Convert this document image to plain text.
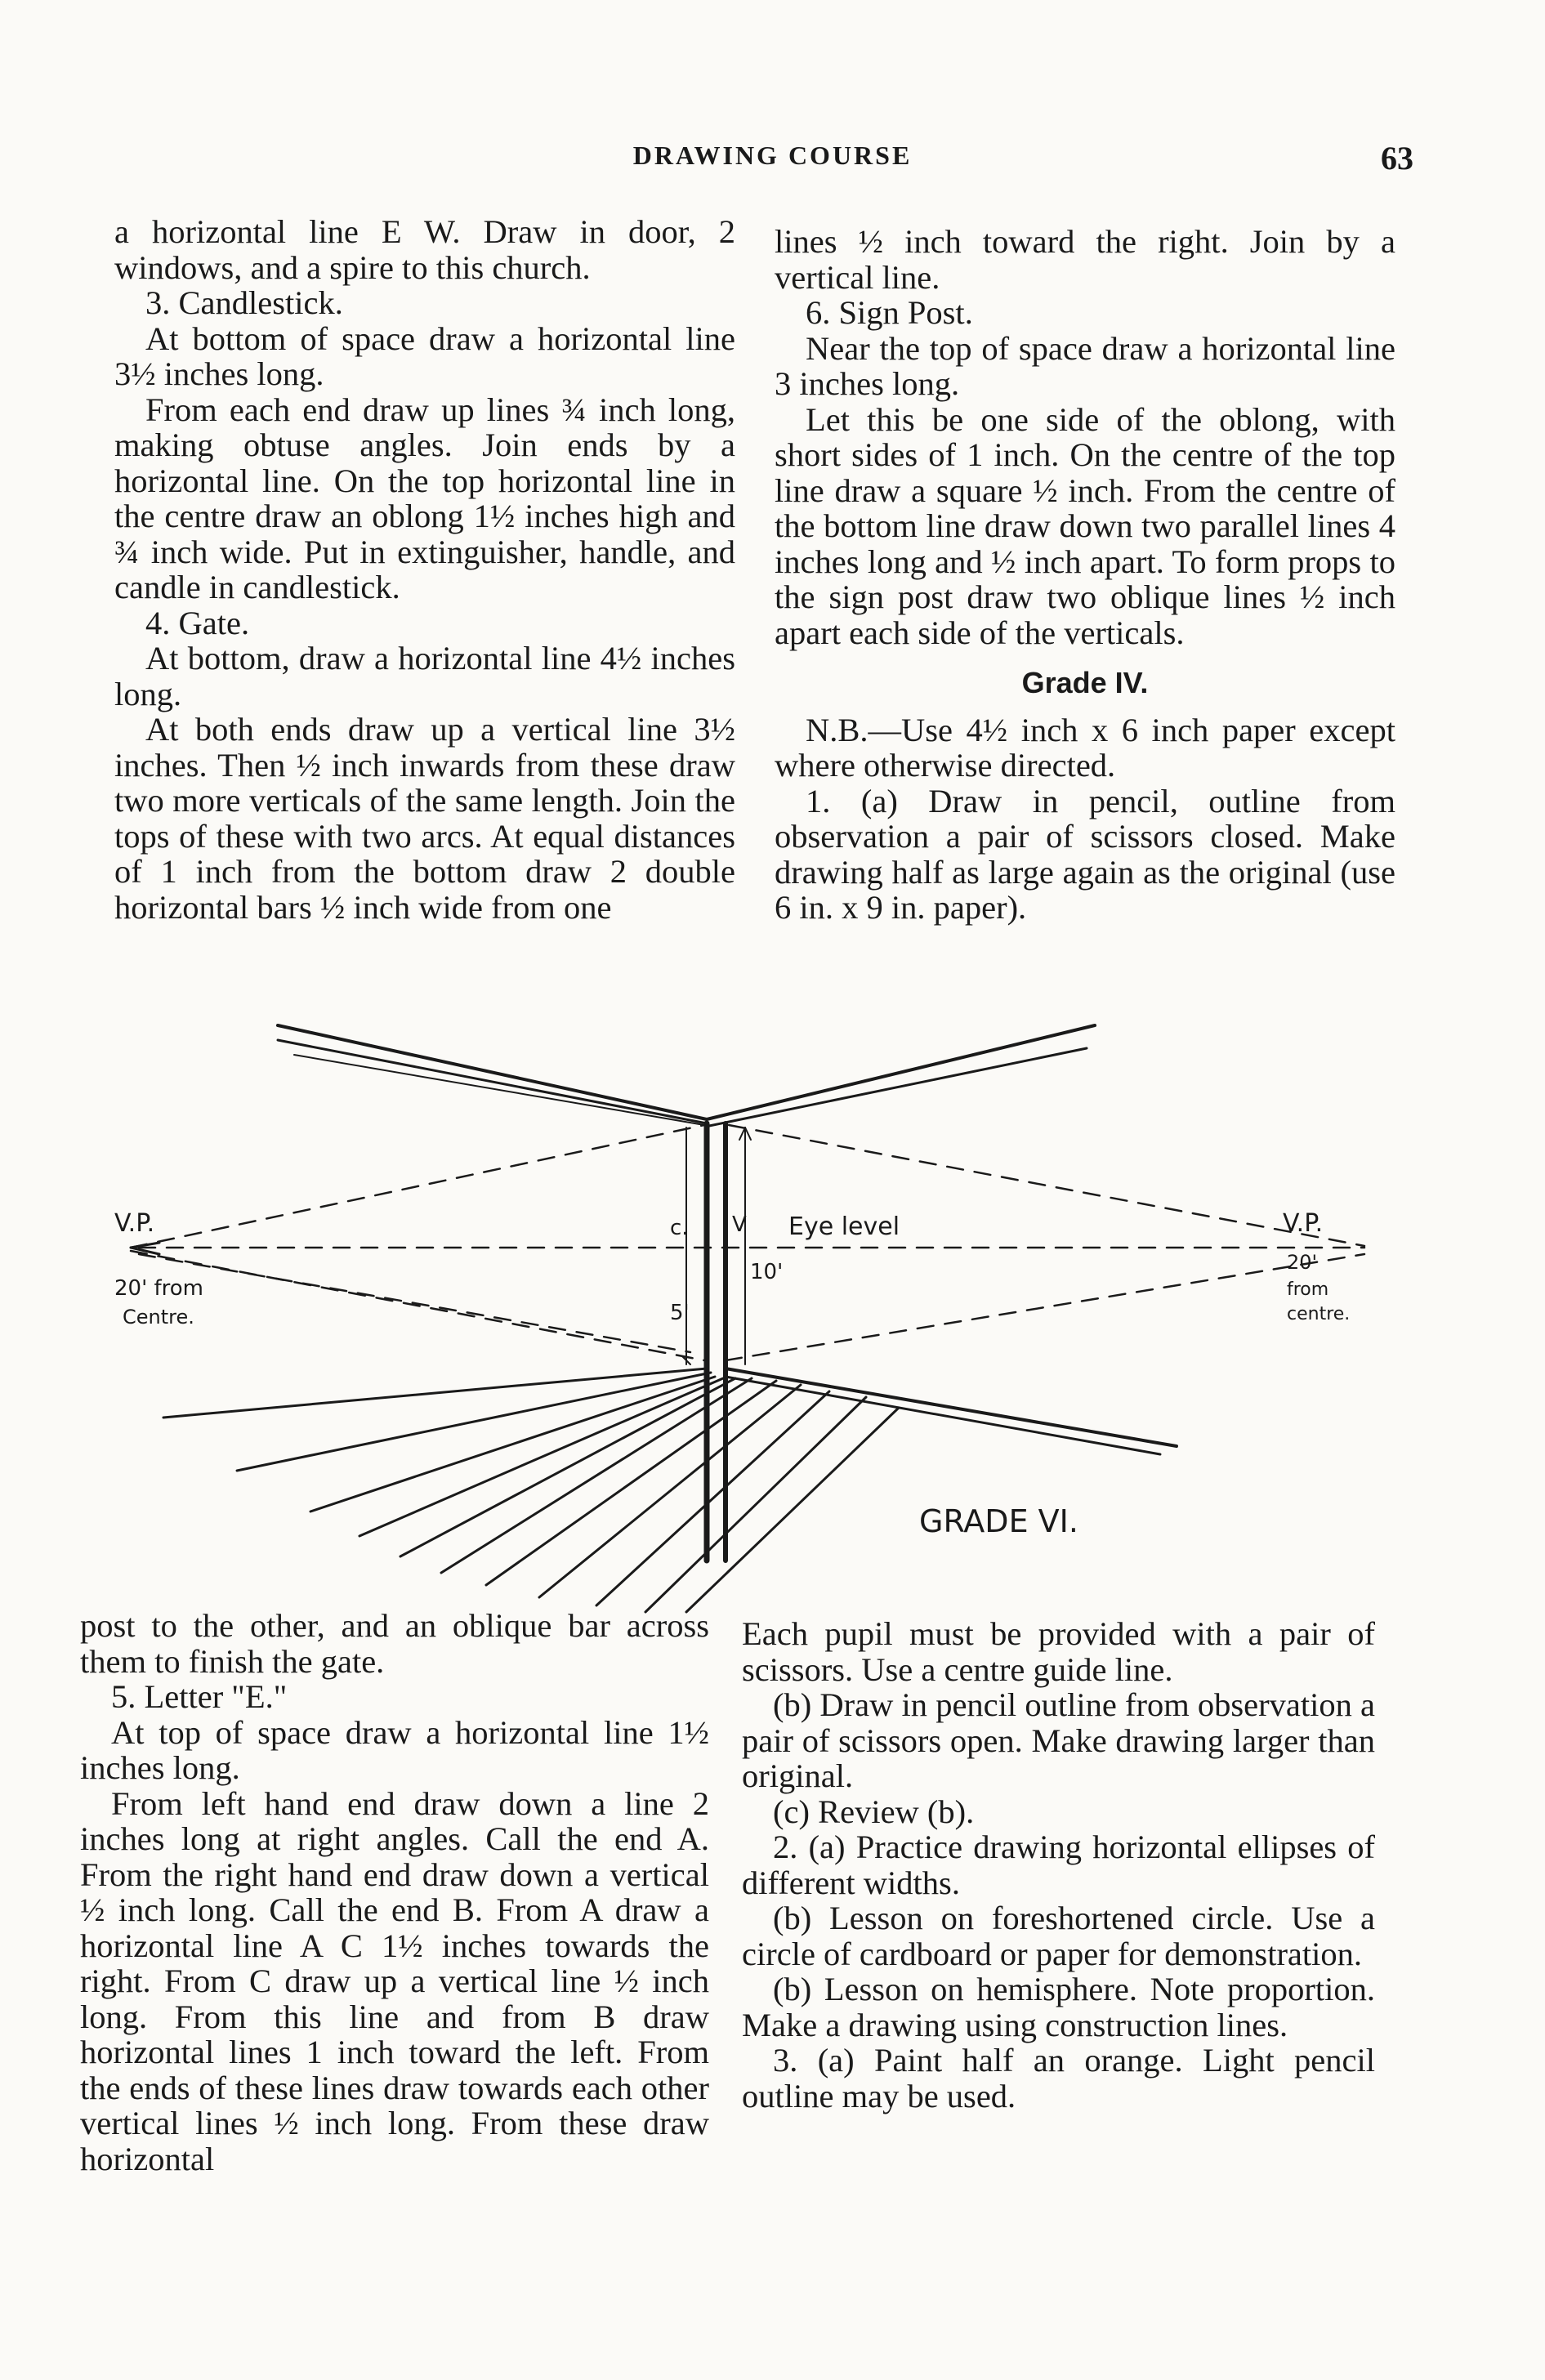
DRAWING COURSE	63

a horizontal line E W. Draw in door, 2 windows, and a spire to this church.

3. Candlestick.

At bottom of space draw a horizontal line 3½ inches long.

From each end draw up lines ¾ inch long, making obtuse angles. Join ends by a horizontal line. On the top horizontal line in the centre draw an oblong 1½ inches high and ¾ inch wide. Put in extinguisher, handle, and candle in candlestick.

4. Gate.

At bottom, draw a horizontal line 4½ inches long.

At both ends draw up a vertical line 3½ inches. Then ½ inch inwards from these draw two more verticals of the same length. Join the tops of these with two arcs. At equal distances of 1 inch from the bottom draw 2 double horizontal bars ½ inch wide from one

lines ½ inch toward the right. Join by a vertical line.

6. Sign Post.

Near the top of space draw a horizontal line 3 inches long.

Let this be one side of the oblong, with short sides of 1 inch. On the centre of the top line draw a square ½ inch. From the centre of the bottom line draw down two parallel lines 4 inches long and ½ inch apart. To form props to the sign post draw two oblique lines ½ inch apart each side of the verticals.

Grade IV.

N.B.—Use 4½ inch x 6 inch paper except where otherwise directed.

1. (a) Draw in pencil, outline from observation a pair of scissors closed. Make drawing half as large again as the original (use 6 in. x 9 in. paper).

V.P.
20' from
Centre.
V.P.
20'
from
centre.
Eye level
c. V
5'
10'
GRADE VI.

post to the other, and an oblique bar across them to finish the gate.

5. Letter "E."

At top of space draw a horizontal line 1½ inches long.

From left hand end draw down a line 2 inches long at right angles. Call the end A. From the right hand end draw down a vertical ½ inch long. Call the end B. From A draw a horizontal line A C 1½ inches towards the right. From C draw up a vertical line ½ inch long. From this line and from B draw horizontal lines 1 inch toward the left. From the ends of these lines draw towards each other vertical lines ½ inch long. From these draw horizontal

Each pupil must be provided with a pair of scissors. Use a centre guide line.

(b) Draw in pencil outline from observation a pair of scissors open. Make drawing larger than original.

(c) Review (b).

2. (a) Practice drawing horizontal ellipses of different widths.

(b) Lesson on foreshortened circle. Use a circle of cardboard or paper for demonstration.

(b) Lesson on hemisphere. Note proportion. Make a drawing using construction lines.

3. (a) Paint half an orange. Light pencil outline may be used.
